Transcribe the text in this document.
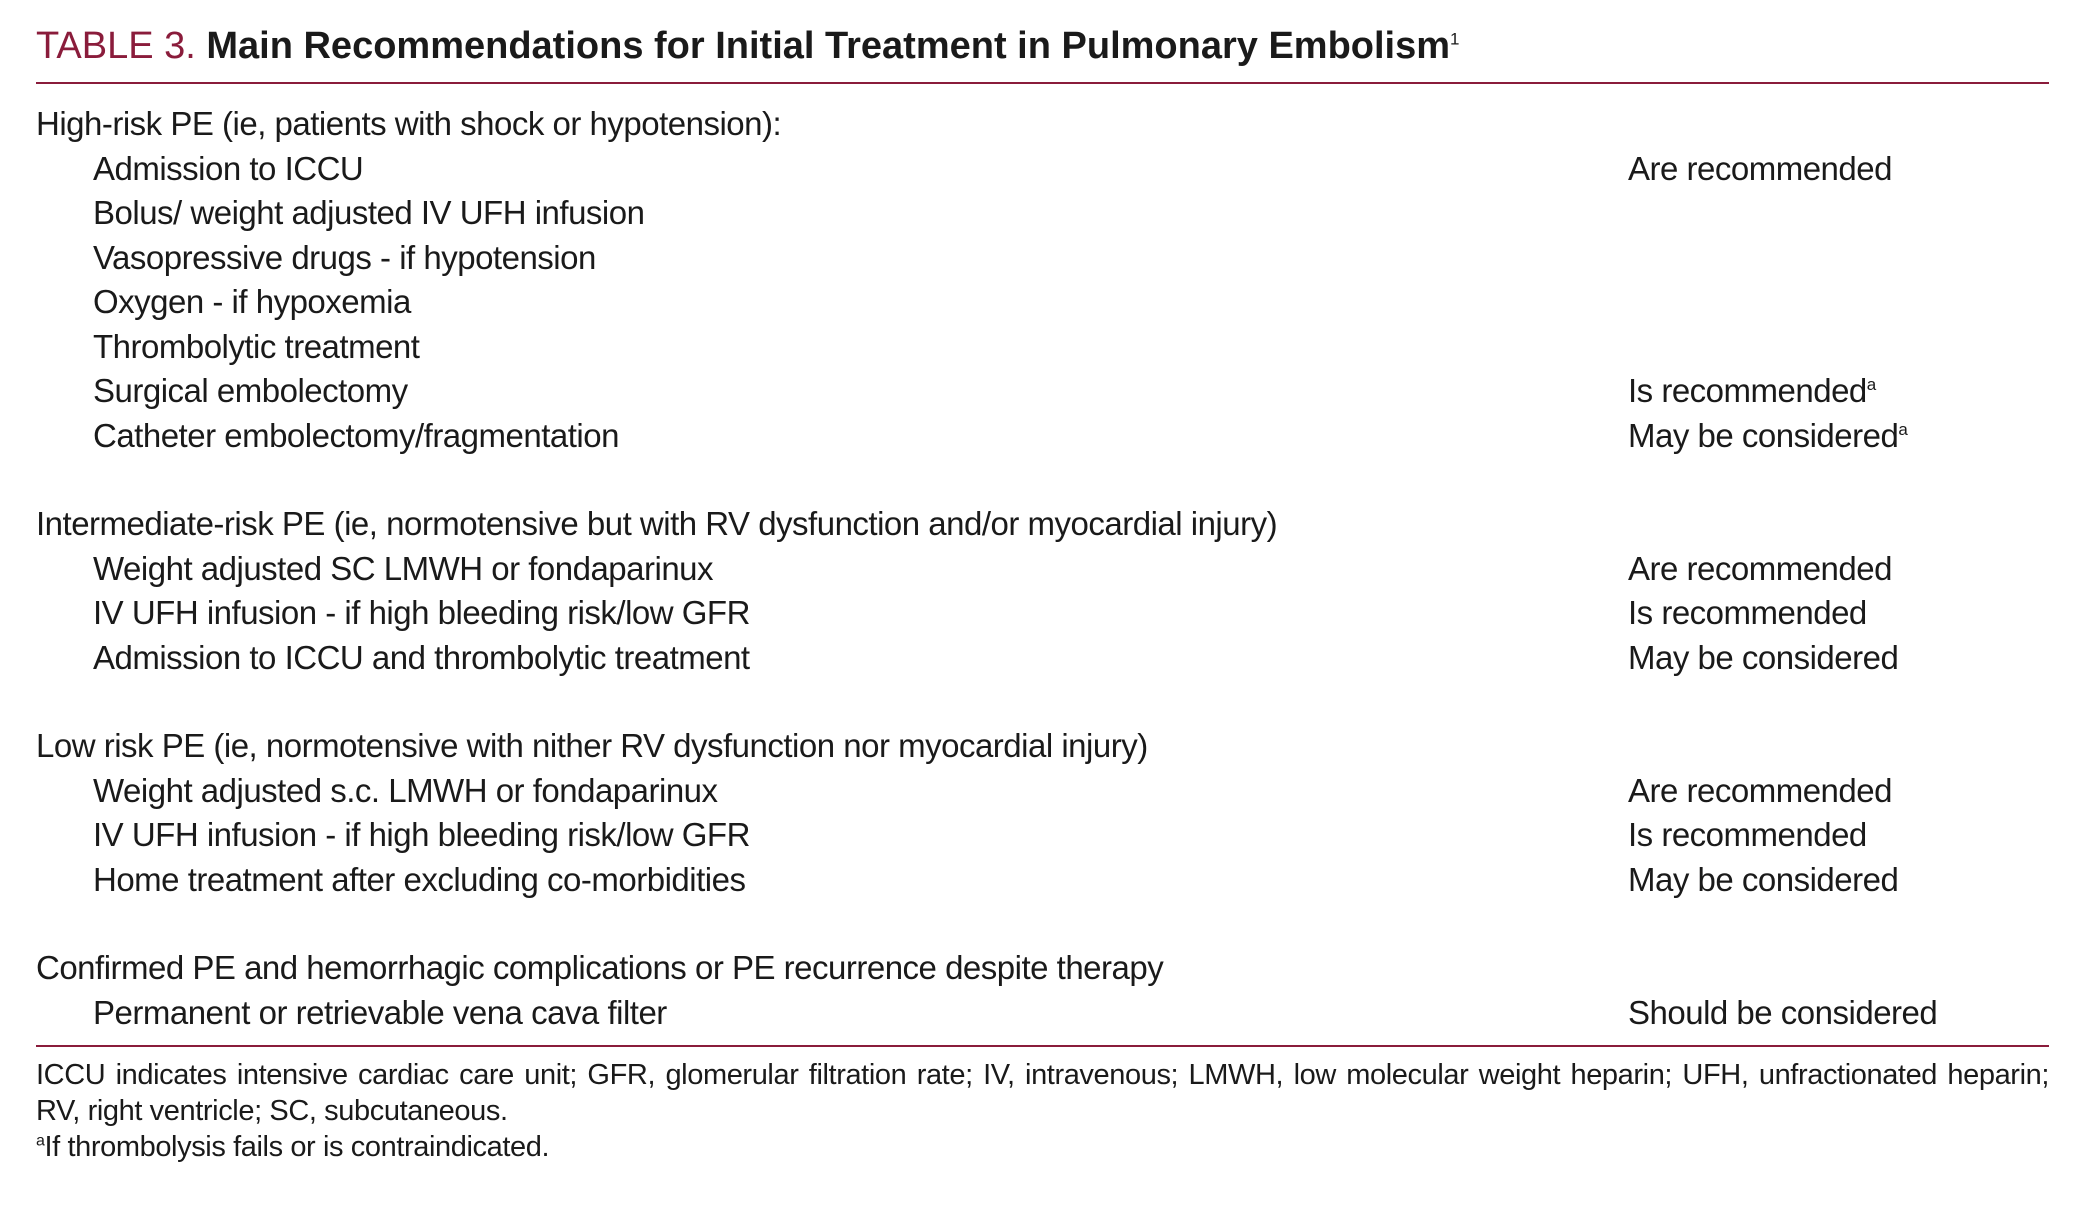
TABLE 3. Main Recommendations for Initial Treatment in Pulmonary Embolism$^1$
High-risk PE (ie, patients with shock or hypotension):
Admission to ICCU	Are recommended
Bolus/ weight adjusted IV UFH infusion
Vasopressive drugs - if hypotension
Oxygen - if hypoxemia
Thrombolytic treatment
Surgical embolectomy	Is recommended$^a$
Catheter embolectomy/fragmentation	May be considered$^a$
Intermediate-risk PE (ie, normotensive but with RV dysfunction and/or myocardial injury)
Weight adjusted SC LMWH or fondaparinux	Are recommended
IV UFH infusion - if high bleeding risk/low GFR	Is recommended
Admission to ICCU and thrombolytic treatment	May be considered
Low risk PE (ie, normotensive with nither RV dysfunction nor myocardial injury)
Weight adjusted s.c. LMWH or fondaparinux	Are recommended
IV UFH infusion - if high bleeding risk/low GFR	Is recommended
Home treatment after excluding co-morbidities	May be considered
Confirmed PE and hemorrhagic complications or PE recurrence despite therapy
Permanent or retrievable vena cava filter	Should be considered
ICCU indicates intensive cardiac care unit; GFR, glomerular filtration rate; IV, intravenous; LMWH, low molecular weight heparin; UFH, unfractionated heparin; RV, right ventricle; SC, subcutaneous.
$^a$If thrombolysis fails or is contraindicated.
